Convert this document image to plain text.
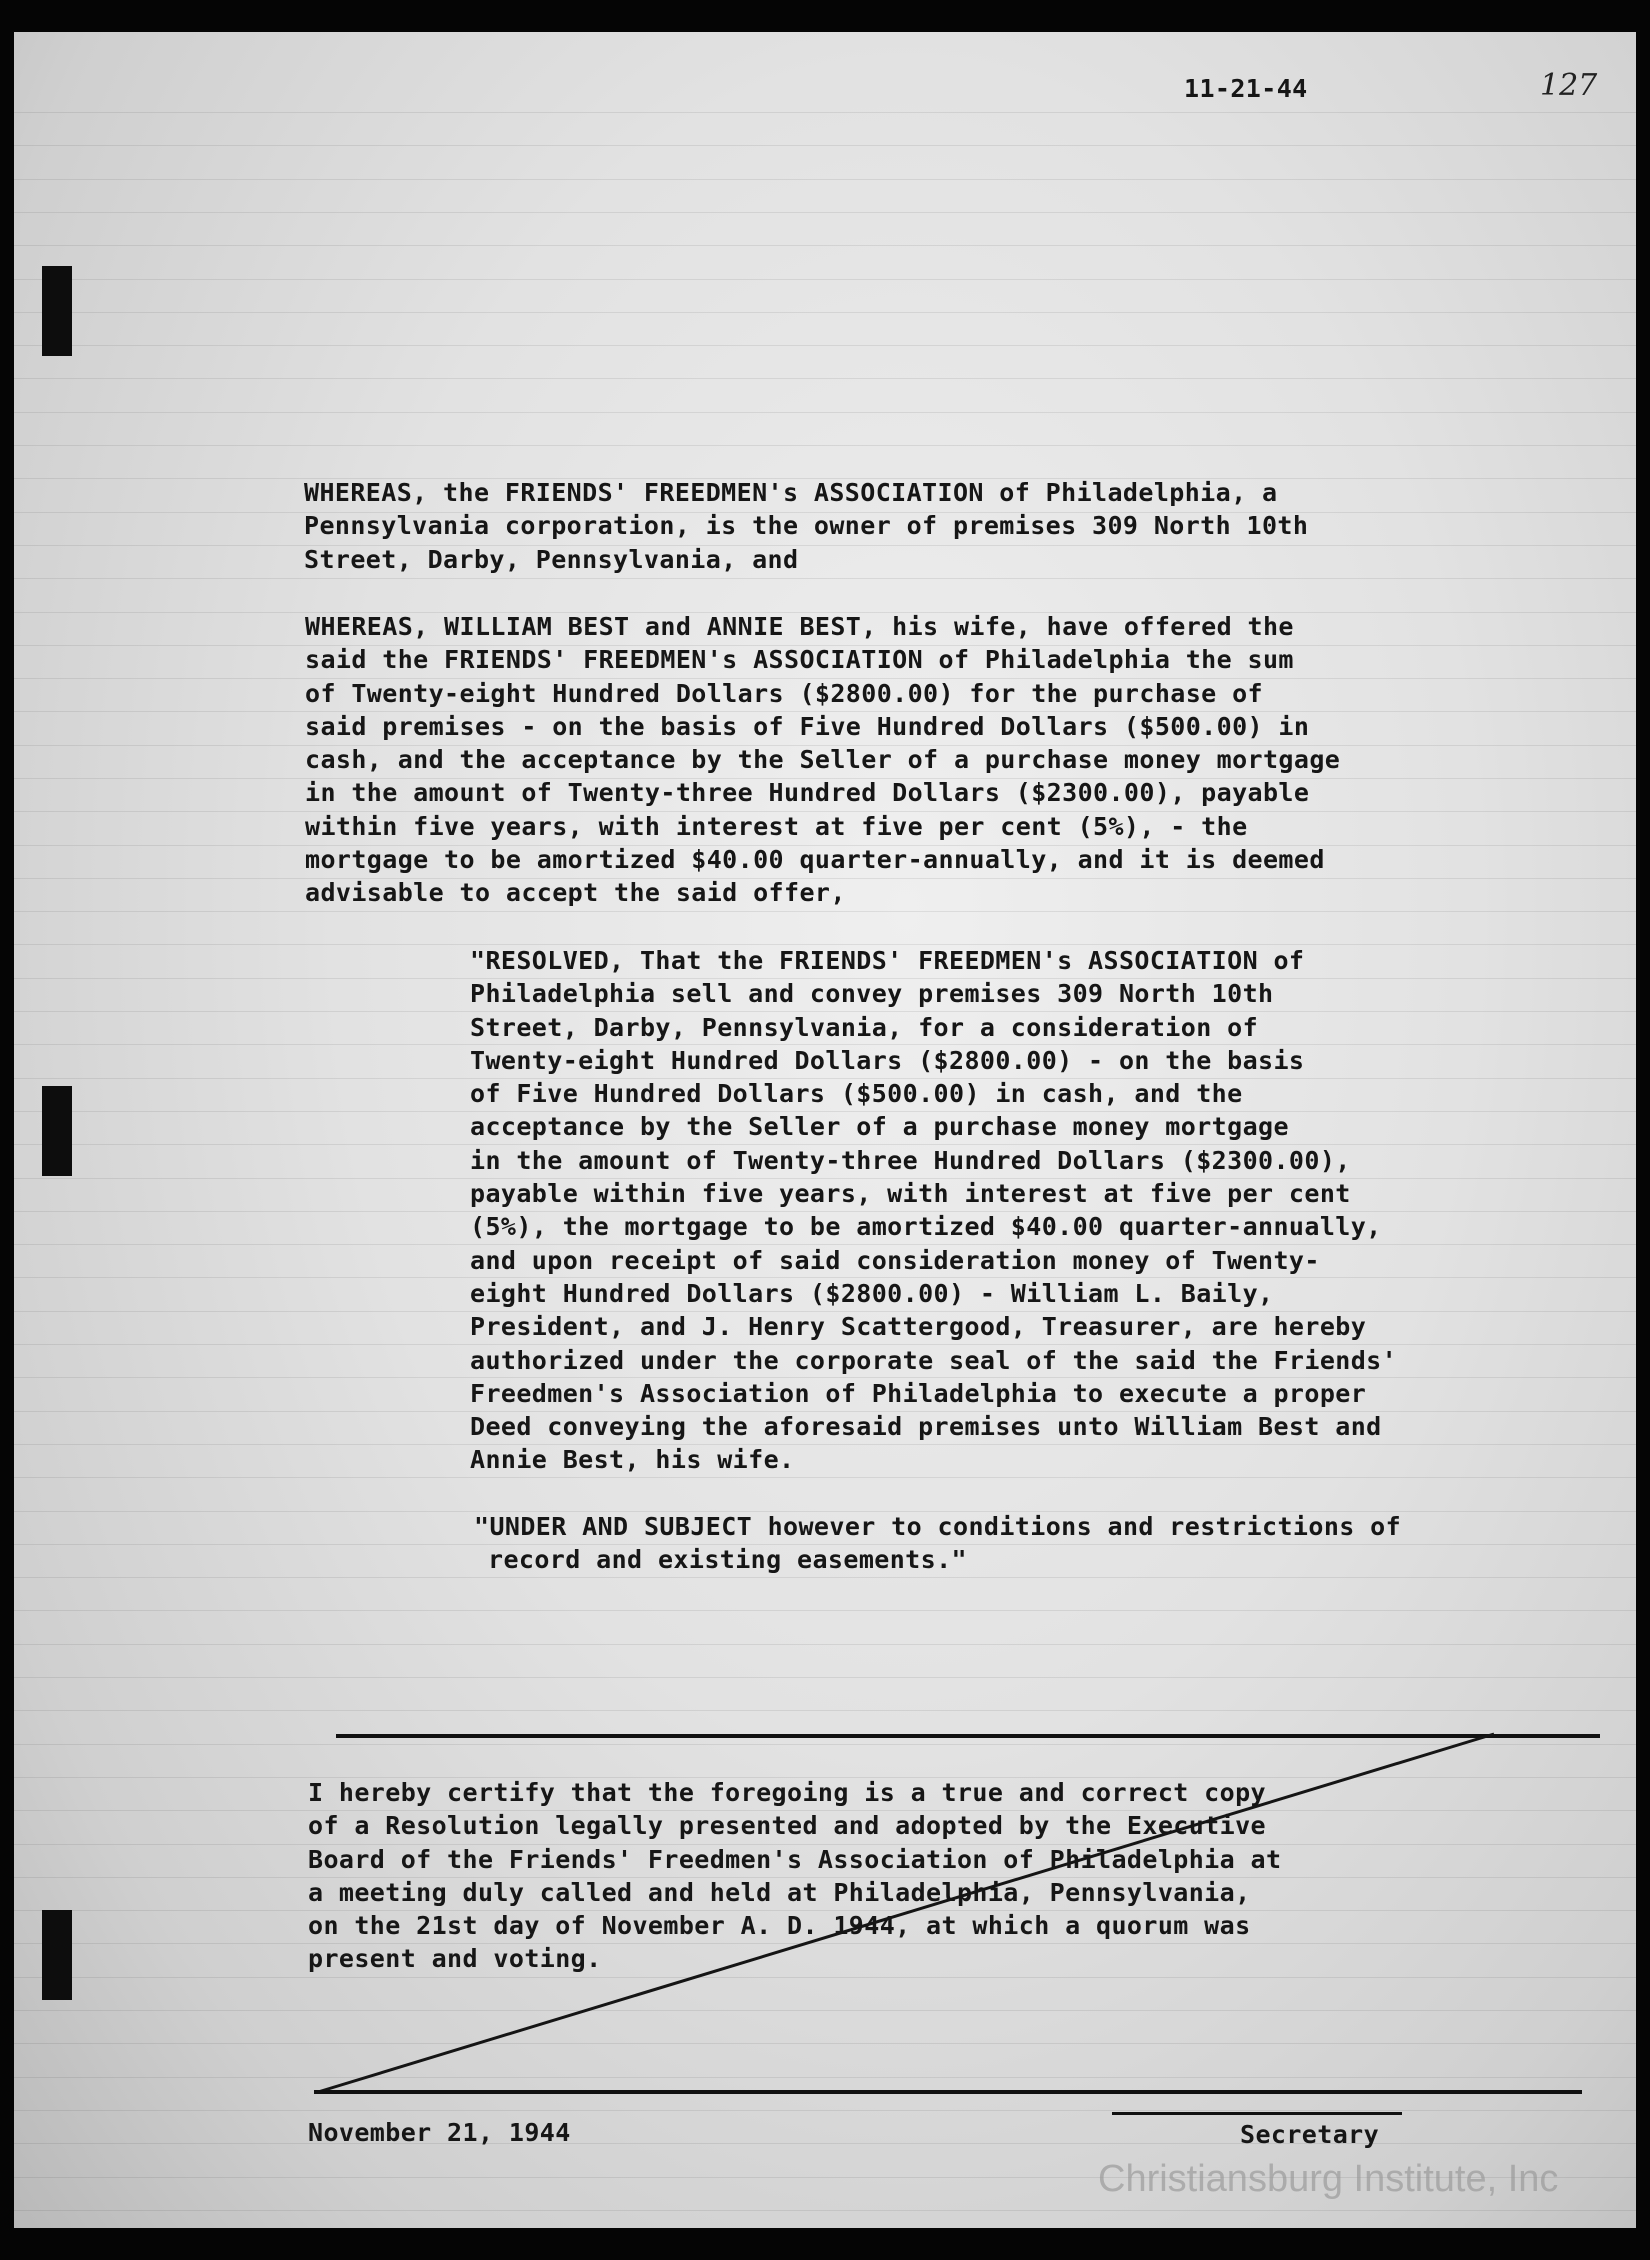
11-21-44	127
WHEREAS, the FRIENDS' FREEDMEN's ASSOCIATION of Philadelphia, a
Pennsylvania corporation, is the owner of premises 309 North 10th
Street, Darby, Pennsylvania, and
WHEREAS, WILLIAM BEST and ANNIE BEST, his wife, have offered the
said the FRIENDS' FREEDMEN's ASSOCIATION of Philadelphia the sum
of Twenty-eight Hundred Dollars ($2800.00) for the purchase of
said premises - on the basis of Five Hundred Dollars ($500.00) in
cash, and the acceptance by the Seller of a purchase money mortgage
in the amount of Twenty-three Hundred Dollars ($2300.00), payable
within five years, with interest at five per cent (5%), - the
mortgage to be amortized $40.00 quarter-annually, and it is deemed
advisable to accept the said offer,
"RESOLVED, That the FRIENDS' FREEDMEN's ASSOCIATION of
Philadelphia sell and convey premises 309 North 10th
Street, Darby, Pennsylvania, for a consideration of
Twenty-eight Hundred Dollars ($2800.00) - on the basis
of Five Hundred Dollars ($500.00) in cash, and the
acceptance by the Seller of a purchase money mortgage
in the amount of Twenty-three Hundred Dollars ($2300.00),
payable within five years, with interest at five per cent
(5%), the mortgage to be amortized $40.00 quarter-annually,
and upon receipt of said consideration money of Twenty-
eight Hundred Dollars ($2800.00) - William L. Baily,
President, and J. Henry Scattergood, Treasurer, are hereby
authorized under the corporate seal of the said the Friends'
Freedmen's Association of Philadelphia to execute a proper
Deed conveying the aforesaid premises unto William Best and
Annie Best, his wife.
"UNDER AND SUBJECT however to conditions and restrictions of
record and existing easements."
I hereby certify that the foregoing is a true and correct copy
of a Resolution legally presented and adopted by the Executive
Board of the Friends' Freedmen's Association of Philadelphia at
a meeting duly called and held at Philadelphia, Pennsylvania,
on the 21st day of November A. D. 1944, at which a quorum was
present and voting.
November 21, 1944	Secretary
Christiansburg Institute, Inc
